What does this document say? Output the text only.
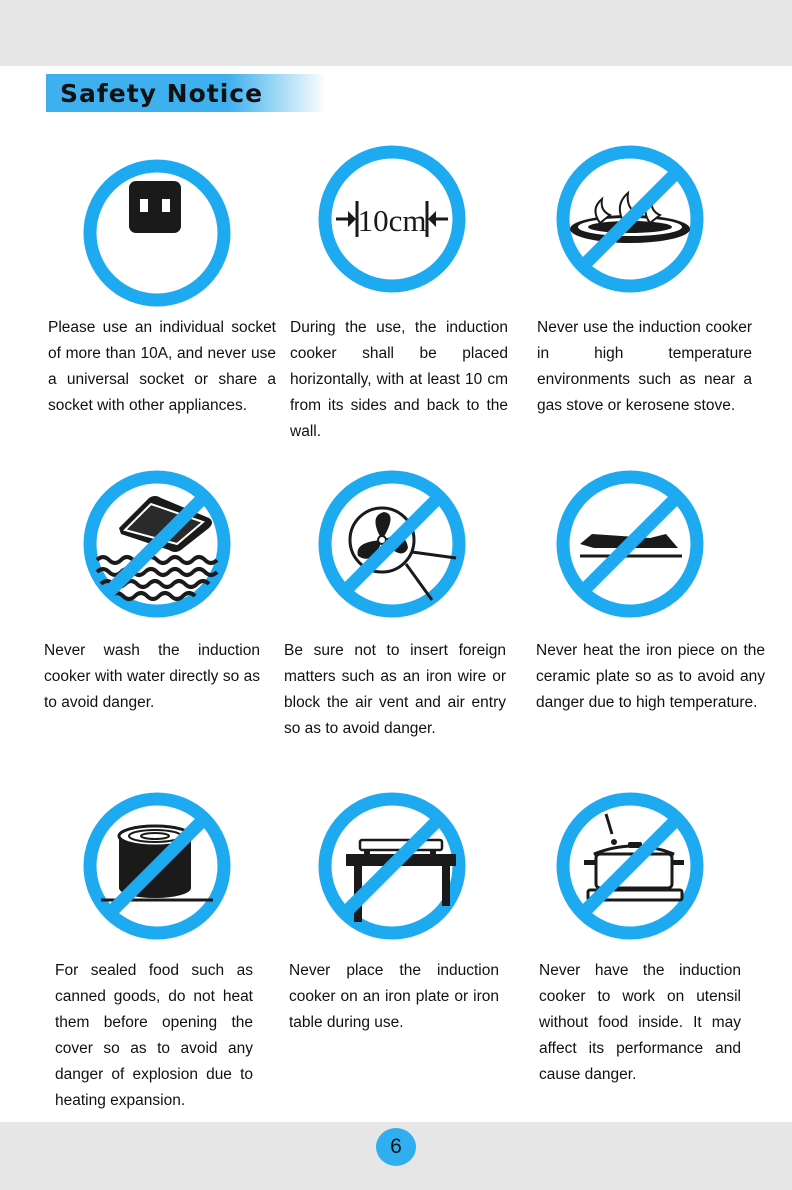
Safety Notice
10cm
Please use an individual socket of more than 10A, and never use a universal socket or share a socket with other appliances.
During the use, the induction cooker shall be placed horizontally, with at least 10 cm from its sides and back to the wall.
Never use the induction cooker in high temperature environments such as near a gas stove or kerosene stove.
Never wash the induction cooker with water directly so as to avoid danger.
Be sure not to insert foreign matters such as an iron wire or block the air vent and air entry so as to avoid danger.
Never heat the iron piece on the ceramic plate so as to avoid any danger due to high temperature.
For sealed food such as canned goods, do not heat them before opening the cover so as to avoid any danger of explosion due to heating expansion.
Never place the induction cooker on an iron plate or iron table during use.
Never have the induction cooker to work on utensil without food inside. It may affect its performance and cause danger.
6
